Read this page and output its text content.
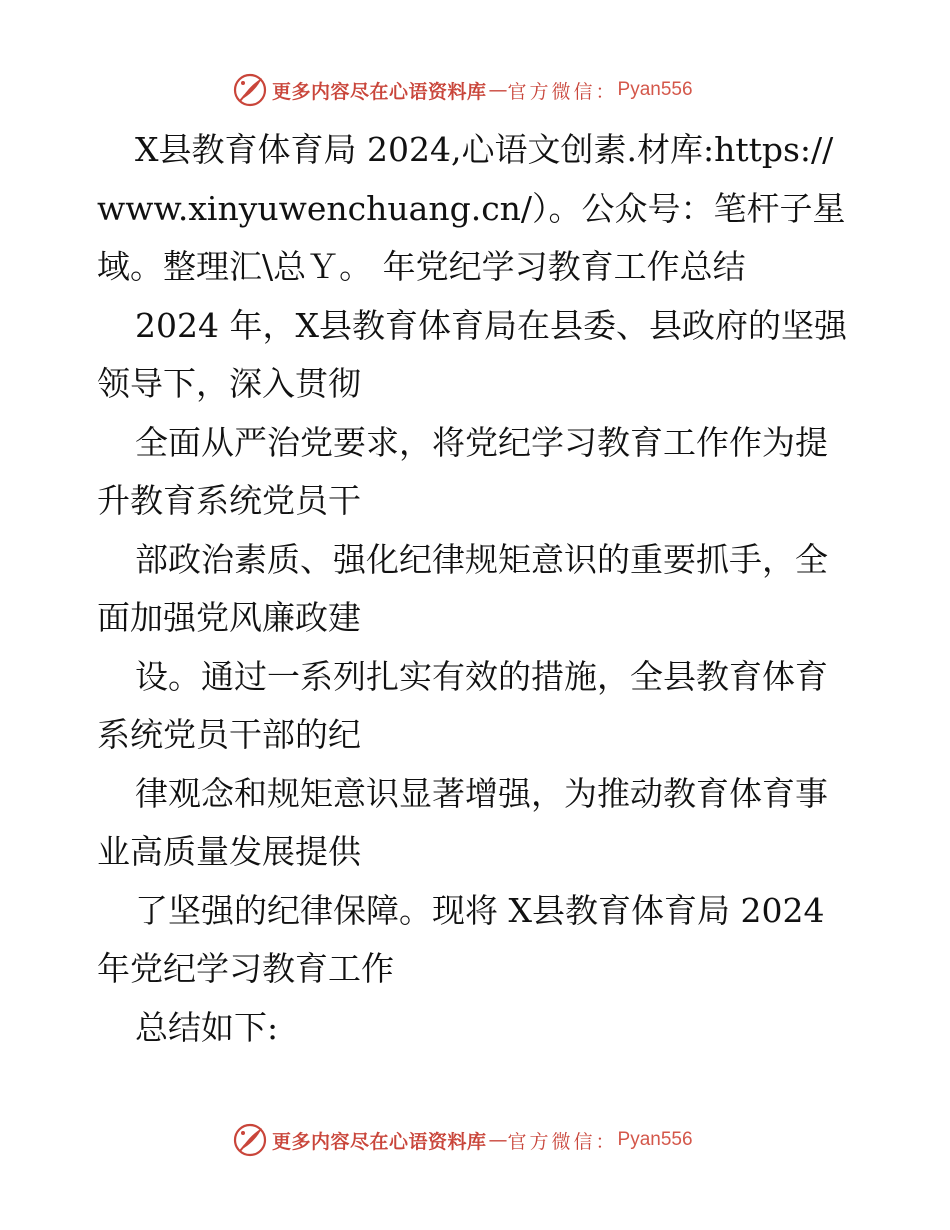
更多内容尽在心语资料库 — 官方微信： Pyan556

X县教育体育局 2024,心语文创素.材库:https://www.xinyuwenchuang.cn/）。公众号：笔杆子星域。整理汇\总Ｙ。 年党纪学习教育工作总结

2024 年，X县教育体育局在县委、县政府的坚强领导下，深入贯彻

全面从严治党要求，将党纪学习教育工作作为提升教育系统党员干

部政治素质、强化纪律规矩意识的重要抓手，全面加强党风廉政建

设。通过一系列扎实有效的措施，全县教育体育系统党员干部的纪

律观念和规矩意识显著增强，为推动教育体育事业高质量发展提供

了坚强的纪律保障。现将 X县教育体育局 2024 年党纪学习教育工作

总结如下:

更多内容尽在心语资料库 — 官方微信： Pyan556
